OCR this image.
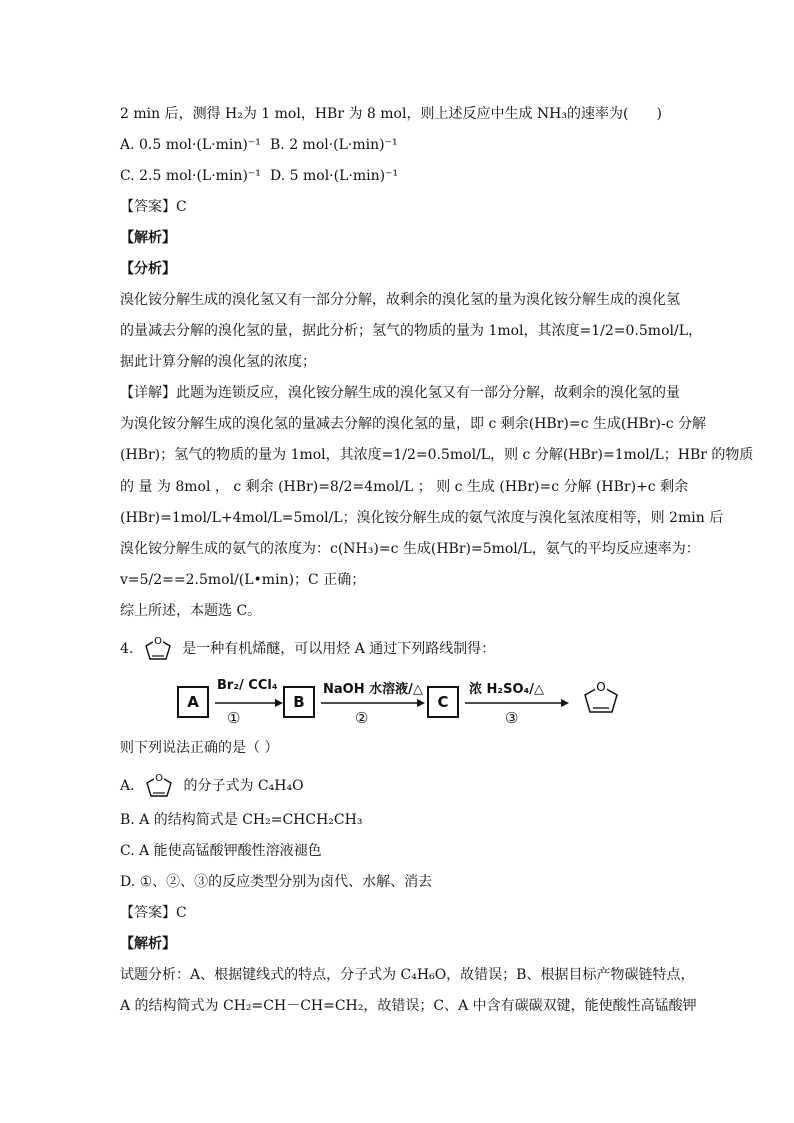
2 min 后，测得 H₂为 1 mol，HBr 为 8 mol，则上述反应中生成 NH₃的速率为(　　)
A. 0.5 mol·(L·min)⁻¹ B. 2 mol·(L·min)⁻¹
C. 2.5 mol·(L·min)⁻¹ D. 5 mol·(L·min)⁻¹
【答案】C
【解析】
【分析】
溴化铵分解生成的溴化氢又有一部分分解，故剩余的溴化氢的量为溴化铵分解生成的溴化氢
的量减去分解的溴化氢的量，据此分析；氢气的物质的量为 1mol，其浓度=1/2=0.5mol/L，
据此计算分解的溴化氢的浓度；
【详解】此题为连锁反应，溴化铵分解生成的溴化氢又有一部分分解，故剩余的溴化氢的量
为溴化铵分解生成的溴化氢的量减去分解的溴化氢的量，即 c 剩余(HBr)=c 生成(HBr)-c 分解
(HBr)；氢气的物质的量为 1mol，其浓度=1/2=0.5mol/L，则 c 分解(HBr)=1mol/L；HBr 的物质
的 量 为 8mol ， c 剩余 (HBr)=8/2=4mol/L ； 则 c 生成 (HBr)=c 分解 (HBr)+c 剩余
(HBr)=1mol/L+4mol/L=5mol/L；溴化铵分解生成的氨气浓度与溴化氢浓度相等，则 2min 后
溴化铵分解生成的氨气的浓度为：c(NH₃)=c 生成(HBr)=5mol/L，氨气的平均反应速率为：
v=5/2==2.5mol/(L•min)；C 正确；
综上所述，本题选 C。
4. O 是一种有机烯醚，可以用烃 A 通过下列路线制得：
A
Br₂/ CCl₄
①
B
NaOH 水溶液/△
②
C
浓 H₂SO₄/△
③
O
则下列说法正确的是（ ）
A. O 的分子式为 C₄H₄O
B. A 的结构简式是 CH₂=CHCH₂CH₃
C. A 能使高锰酸钾酸性溶液褪色
D. ①、②、③的反应类型分别为卤代、水解、消去
【答案】C
【解析】
试题分析：A、根据键线式的特点，分子式为 C₄H₆O，故错误；B、根据目标产物碳链特点，
A 的结构简式为 CH₂=CH－CH=CH₂，故错误；C、A 中含有碳碳双键，能使酸性高锰酸钾
